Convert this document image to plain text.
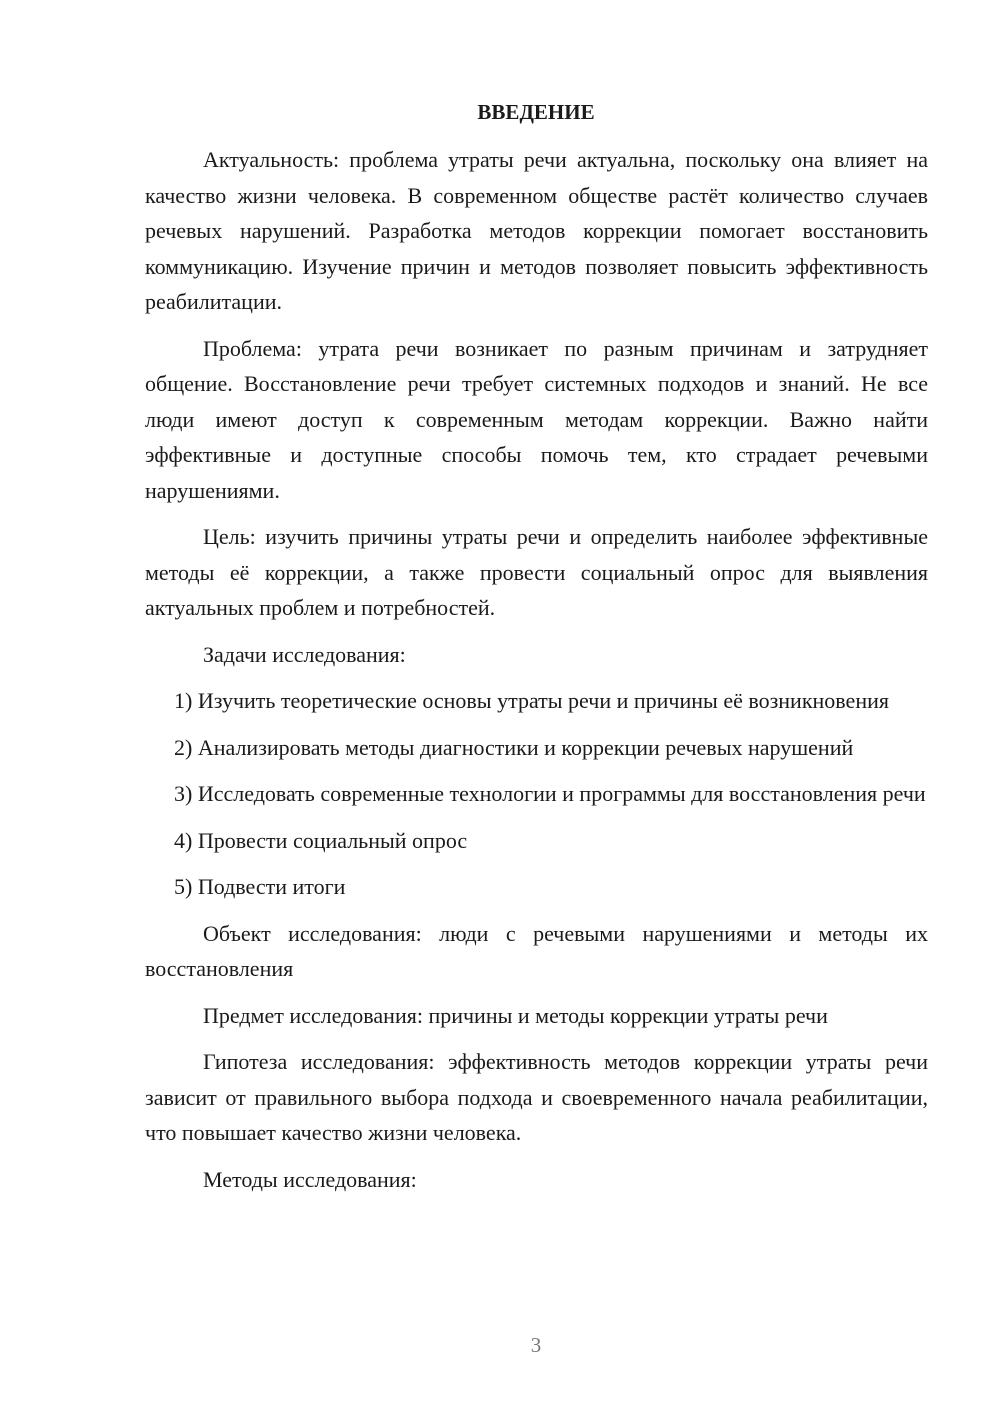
ВВЕДЕНИЕ

Актуальность: проблема утраты речи актуальна, поскольку она влияет на качество жизни человека. В современном обществе растёт количество случаев речевых нарушений. Разработка методов коррекции помогает восстановить коммуникацию. Изучение причин и методов позволяет повысить эффективность реабилитации.

Проблема: утрата речи возникает по разным причинам и затрудняет общение. Восстановление речи требует системных подходов и знаний. Не все люди имеют доступ к современным методам коррекции. Важно найти эффективные и доступные способы помочь тем, кто страдает речевыми нарушениями.

Цель: изучить причины утраты речи и определить наиболее эффективные методы её коррекции, а также провести социальный опрос для выявления актуальных проблем и потребностей.

Задачи исследования:

1) Изучить теоретические основы утраты речи и причины её возникновения

2) Анализировать методы диагностики и коррекции речевых нарушений

3) Исследовать современные технологии и программы для восстановления речи

4) Провести социальный опрос

5) Подвести итоги

Объект исследования: люди с речевыми нарушениями и методы их восстановления

Предмет исследования: причины и методы коррекции утраты речи

Гипотеза исследования: эффективность методов коррекции утраты речи зависит от правильного выбора подхода и своевременного начала реабилитации, что повышает качество жизни человека.

Методы исследования:

3
